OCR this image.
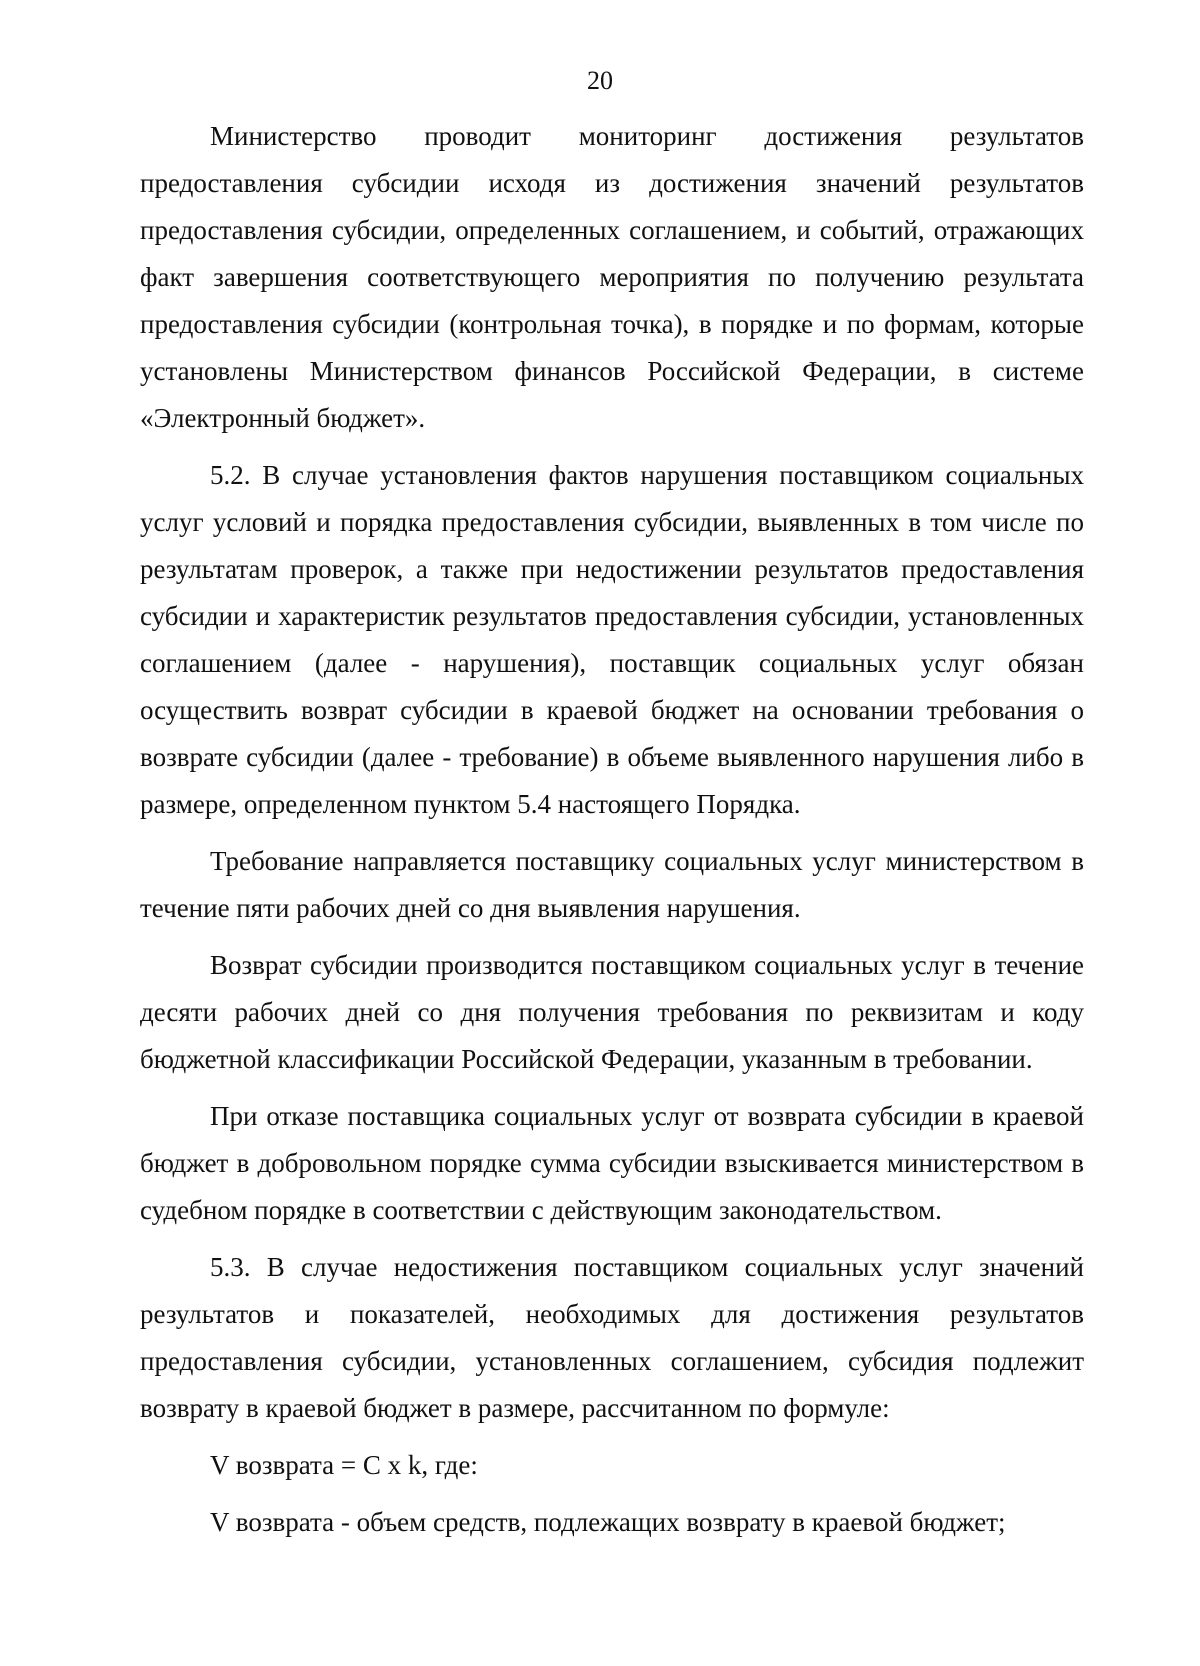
20

Министерство проводит мониторинг достижения результатов предоставления субсидии исходя из достижения значений результатов предоставления субсидии, определенных соглашением, и событий, отражающих факт завершения соответствующего мероприятия по получению результата предоставления субсидии (контрольная точка), в порядке и по формам, которые установлены Министерством финансов Российской Федерации, в системе «Электронный бюджет».

5.2. В случае установления фактов нарушения поставщиком социальных услуг условий и порядка предоставления субсидии, выявленных в том числе по результатам проверок, а также при недостижении результатов предоставления субсидии и характеристик результатов предоставления субсидии, установленных соглашением (далее - нарушения), поставщик социальных услуг обязан осуществить возврат субсидии в краевой бюджет на основании требования о возврате субсидии (далее - требование) в объеме выявленного нарушения либо в размере, определенном пунктом 5.4 настоящего Порядка.

Требование направляется поставщику социальных услуг министерством в течение пяти рабочих дней со дня выявления нарушения.

Возврат субсидии производится поставщиком социальных услуг в течение десяти рабочих дней со дня получения требования по реквизитам и коду бюджетной классификации Российской Федерации, указанным в требовании.

При отказе поставщика социальных услуг от возврата субсидии в краевой бюджет в добровольном порядке сумма субсидии взыскивается министерством в судебном порядке в соответствии с действующим законодательством.

5.3. В случае недостижения поставщиком социальных услуг значений результатов и показателей, необходимых для достижения результатов предоставления субсидии, установленных соглашением, субсидия подлежит возврату в краевой бюджет в размере, рассчитанном по формуле:

V возврата = С х k, где:

V возврата - объем средств, подлежащих возврату в краевой бюджет;
